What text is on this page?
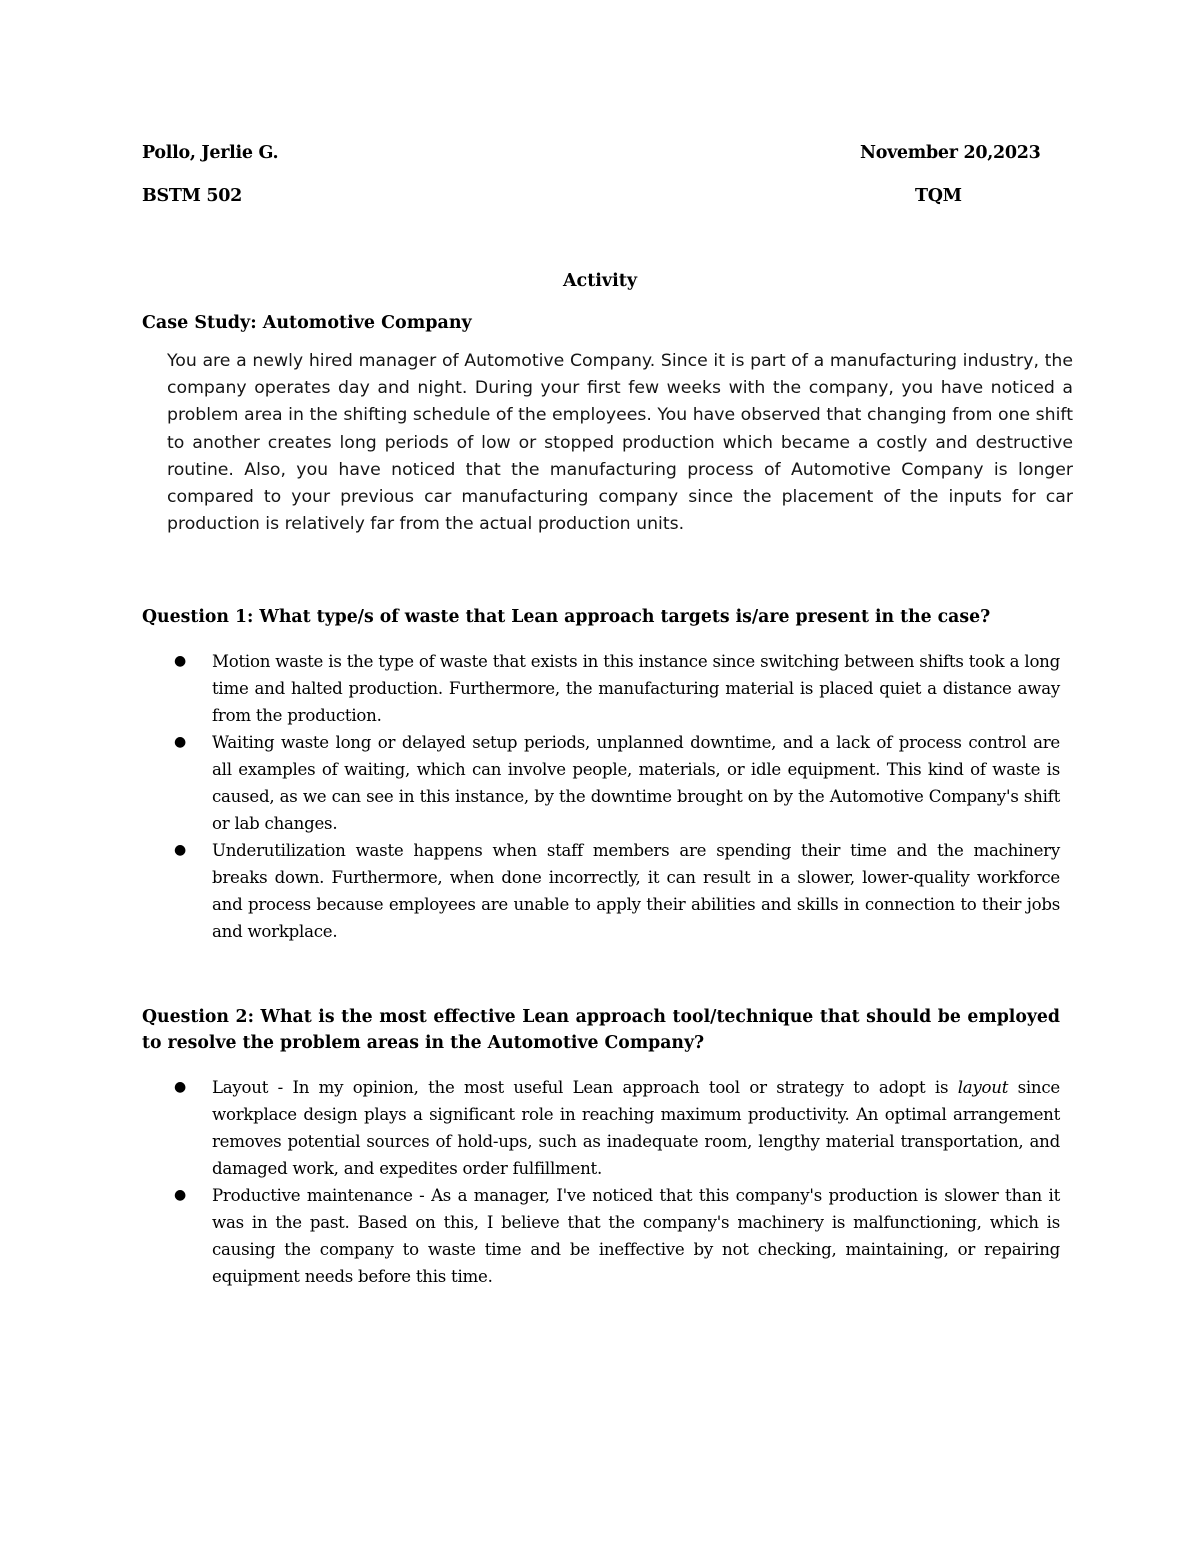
Pollo, Jerlie G.	November 20,2023
BSTM 502	TQM
Activity
Case Study: Automotive Company
You are a newly hired manager of Automotive Company. Since it is part of a manufacturing industry, the company operates day and night. During your first few weeks with the company, you have noticed a problem area in the shifting schedule of the employees. You have observed that changing from one shift to another creates long periods of low or stopped production which became a costly and destructive routine. Also, you have noticed that the manufacturing process of Automotive Company is longer compared to your previous car manufacturing company since the placement of the inputs for car production is relatively far from the actual production units.
Question 1: What type/s of waste that Lean approach targets is/are present in the case?
● Motion waste is the type of waste that exists in this instance since switching between shifts took a long time and halted production. Furthermore, the manufacturing material is placed quiet a distance away from the production.
● Waiting waste long or delayed setup periods, unplanned downtime, and a lack of process control are all examples of waiting, which can involve people, materials, or idle equipment. This kind of waste is caused, as we can see in this instance, by the downtime brought on by the Automotive Company's shift or lab changes.
● Underutilization waste happens when staff members are spending their time and the machinery breaks down. Furthermore, when done incorrectly, it can result in a slower, lower-quality workforce and process because employees are unable to apply their abilities and skills in connection to their jobs and workplace.
Question 2: What is the most effective Lean approach tool/technique that should be employed to resolve the problem areas in the Automotive Company?
● Layout - In my opinion, the most useful Lean approach tool or strategy to adopt is layout since workplace design plays a significant role in reaching maximum productivity. An optimal arrangement removes potential sources of hold-ups, such as inadequate room, lengthy material transportation, and damaged work, and expedites order fulfillment.
● Productive maintenance - As a manager, I've noticed that this company's production is slower than it was in the past. Based on this, I believe that the company's machinery is malfunctioning, which is causing the company to waste time and be ineffective by not checking, maintaining, or repairing equipment needs before this time.
